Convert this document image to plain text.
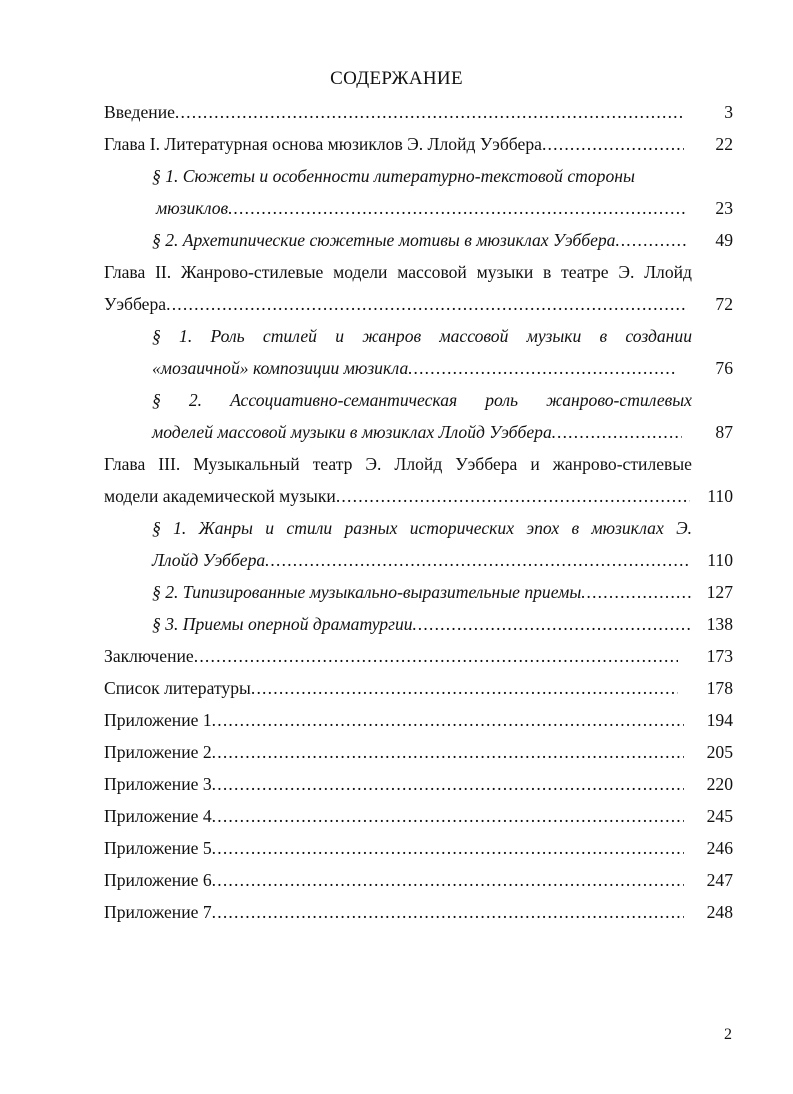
СОДЕРЖАНИЕ
Введение .....	3
Глава I. Литературная основа мюзиклов Э. Ллойд Уэббера .....	22
§ 1. Сюжеты и особенности литературно-текстовой стороны
мюзиклов .....	23
§ 2. Архетипические сюжетные мотивы в мюзиклах Уэббера .....	49
Глава II. Жанрово-стилевые модели массовой музыки в театре Э. Ллойд
Уэббера .....	72
§ 1. Роль стилей и жанров массовой музыки в создании
«мозаичной» композиции мюзикла .....	76
§ 2. Ассоциативно-семантическая роль жанрово-стилевых
моделей массовой музыки в мюзиклах Ллойд Уэббера .....	87
Глава III. Музыкальный театр Э. Ллойд Уэббера и жанрово-стилевые
модели академической музыки .....	110
§ 1. Жанры и стили разных исторических эпох в мюзиклах Э.
Ллойд Уэббера .....	110
§ 2. Типизированные музыкально-выразительные приемы .....	127
§ 3. Приемы оперной драматургии .....	138
Заключение .....	173
Список литературы .....	178
Приложение 1 .....	194
Приложение 2 .....	205
Приложение 3 .....	220
Приложение 4 .....	245
Приложение 5 .....	246
Приложение 6 .....	247
Приложение 7 .....	248
2
